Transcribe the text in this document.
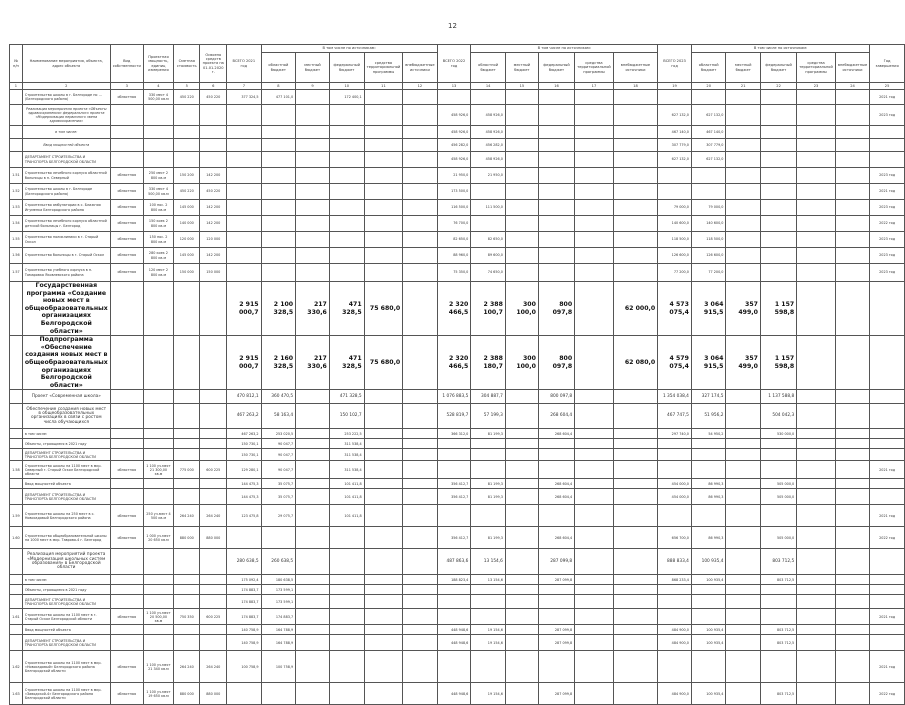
12
№ п/п	Наименование мероприятия, объекта, адрес объекта	Вид собственности	Проектная мощность, единиц измерения	Сметная стоимость	Освоено средств проекта на 01.01.2020 г.	ВСЕГО 2021 год	В том числе по источникам:					ВСЕГО 2022 год	В том числе по источникам:					ВСЕГО 2023 год	В том числе по источникам:					Год завершения
							областной бюджет	местный бюджет	федеральный бюджет	средства территориальной программы	внебюджетные источники		областной бюджет	местный бюджет	федеральный бюджет	средства территориальной программы	внебюджетные источники		областной бюджет	местный бюджет	федеральный бюджет	средства территориальной программы	внебюджетные источники	
1	2	3	4	5	6	7	8	9	10	11	12	13	14	15	16	17	18	19	20	21	22	23	24	25
	Строительство школы в г. Белгороде по ... (Белгородского района)	областная	330 мест 4 500,00 кв.м	450 220	450 220	377 324,5	477 101,0		172 400,1															2021 год
	Реализация мероприятия проекта «Объекты здравоохранения» федерального проекта «Модернизация первичного звена здравоохранения»											458 926,0	458 926,0					627 132,0	627 132,0					2023 год
	в том числе:											458 926,0	458 926,0					467 140,0	467 140,0					
	Ввод мощностей объекта											456 282,0	456 282,0					307 779,0	307 779,0					
	ДЕПАРТАМЕНТ СТРОИТЕЛЬСТВА И ТРАНСПОРТА БЕЛГОРОДСКОЙ ОБЛАСТИ											458 926,0	458 926,0					627 132,0	627 132,0					
1.51	Строительство лечебного корпуса областной больницы в п. Северный	областная	250 мест 2 800 кв.м	150 200	142 200							21 950,0	21 950,0											2023 год
1.52	Строительство школы в г. Белгороде (Белгородского района)	областная	330 мест 4 500,00 кв.м	450 220	450 220							173 500,0												2021 год
1.53	Строительство амбулатории в с. Ближняя Игуменка Белгородского района	областная	100 пос. 2 800 кв.м	145 000	142 200							116 500,0	111 500,0					79 000,0	79 000,0					2023 год
1.54	Строительство лечебного корпуса областной детской больницы г. Белгород	областная	150 коек 2 800 кв.м	140 000	142 200							76 700,0						140 600,0	140 600,0					2022 год
1.55	Строительство поликлиники в г. Старый Оскол	областная	150 пос. 2 800 кв.м	120 000	120 000							82 650,0	82 650,0					118 500,0	118 500,0					2023 год
1.56	Строительство больницы в г. Старый Оскол	областная	280 коек 2 800 кв.м	145 000	142 200							88 960,0	89 600,0					126 600,0	126 600,0					2023 год
1.57	Строительство учебного корпуса в п. Томаровка Яковлевского района	областная	120 мест 2 800 кв.м	150 000	150 000							75 350,0	74 650,0					77 200,0	77 200,0					2023 год
	Государственная программа «Создание новых мест в общеобразовательных организациях Белгородской области»					2 915 000,7	2 100 328,5	217 330,6	471 328,5	75 680,0		2 320 466,5	2 388 100,7	300 100,0	800 097,8		62 000,0	4 573 075,4	3 064 915,5	357 499,0	1 157 598,8			
	Подпрограмма «Обеспечение создания новых мест в общеобразовательных организациях Белгородской области»					2 915 000,7	2 160 328,5	217 330,6	471 328,5	75 680,0		2 320 466,5	2 388 180,7	300 100,0	800 097,8		62 080,0	4 579 075,4	3 064 915,5	357 499,0	1 157 598,8			
	Проект «Современная школа»					470 812,1	360 470,5		471 328,5			1 076 883,5	304 887,7		800 097,8			1 354 038,4	327 174,5		1 137 588,8			
	Обеспечение создания новых мест в общеобразовательных организациях в связи с ростом числа обучающихся					467 263,2	58 163,4		150 102,7			528 819,7	57 199,3		268 604,4			467 747,5	51 956,2		504 042,3			
	в том числе:					467 263,2	253 020,5		253 222,5			366 312,0	81 199,3		268 604,4			297 740,0	54 950,2		530 000,0			
	Объекты, строящиеся в 2021 году					150 730,1	90 047,7		311 538,4															
	ДЕПАРТАМЕНТ СТРОИТЕЛЬСТВА И ТРАНСПОРТА БЕЛГОРОДСКОЙ ОБЛАСТИ					150 730,1	90 047,7		311 538,4															
1.58	Строительство школы на 1100 мест в мкр. Северный г. Старый Оскол Белгородской области	областная	1 100 уч.мест 21 300,00 кв.м	775 000	600 225	129 280,1	90 047,7		311 538,4															2021 год
	Ввод мощностей объекта					144 475,3	35 075,7		101 411,8			356 412,7	81 199,3		268 604,4			454 000,0	86 990,3		505 000,0			
	ДЕПАРТАМЕНТ СТРОИТЕЛЬСТВА И ТРАНСПОРТА БЕЛГОРОДСКОЙ ОБЛАСТИ					144 475,3	35 075,7		101 411,8			356 412,7	81 199,3		268 604,4			454 000,0	86 990,3		505 000,0			
1.59	Строительство школы на 250 мест в с. Новосадовый Белгородского района	областная	250 уч.мест 4 500 кв.м	264 240	264 240	123 475,8	29 075,7		101 411,8															2021 год
1.60	Строительство общеобразовательной школы на 1000 мест в мкр. Таврово-4 г. Белгород	областная	1 000 уч.мест 20 650 кв.м	880 000	880 000							356 412,7	81 199,3		268 604,4			656 700,0	86 990,3		505 000,0			2022 год
	Реализация мероприятий проекта «Модернизация школьных систем образования» в Белгородской области					280 638,5	260 638,5					487 863,6	13 154,6		287 099,8			888 833,4	100 935,4		803 712,5			
	в том числе:					175 092,4	180 638,5					188 823,4	13 154,6		287 099,8			868 233,4	100 935,4		803 712,5			
	Объекты, строящиеся в 2021 году					174 883,7	173 599,1																	
	ДЕПАРТАМЕНТ СТРОИТЕЛЬСТВА И ТРАНСПОРТА БЕЛГОРОДСКОЙ ОБЛАСТИ					174 883,7	173 599,1																	
1.61	Строительство школы на 1100 мест в г. Старый Оскол Белгородской области	областная	1 100 уч.мест 20 500,00 кв.м	750 350	600 225	174 883,7	174 883,7																	2021 год
	Ввод мощностей объекта					140 758,9	164 788,9					448 948,6	19 154,6		287 099,8			484 900,0	100 935,4		803 712,5			
	ДЕПАРТАМЕНТ СТРОИТЕЛЬСТВА И ТРАНСПОРТА БЕЛГОРОДСКОЙ ОБЛАСТИ					140 758,9	164 788,9					448 948,6	19 154,6		287 099,8			484 900,0	100 935,4		803 712,5			
1.62	Строительство школы на 1100 мест в мкр. «Новосадовый» Белгородского района Белгородской области	областная	1 100 уч.мест 21 340 кв.м	264 240	264 240	100 758,9	100 758,9																	2021 год
1.63	Строительство школы на 1100 мест в мкр. «Заводской-4» Белгородского района Белгородской области	областная	1 100 уч.мест 19 650 кв.м	880 000	880 000							448 948,6	19 154,6		287 099,8			484 900,0	100 935,4		803 712,5			2022 год
